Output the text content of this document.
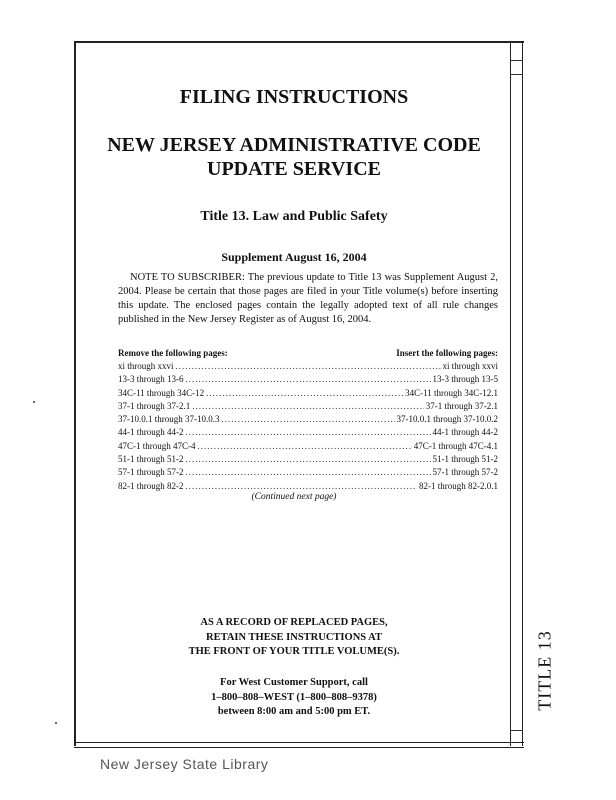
TITLE 13
FILING INSTRUCTIONS
NEW JERSEY ADMINISTRATIVE CODE
UPDATE SERVICE
Title 13. Law and Public Safety
Supplement August 16, 2004
NOTE TO SUBSCRIBER: The previous update to Title 13 was Supplement August 2, 2004. Please be certain that those pages are filed in your Title volume(s) before inserting this update. The enclosed pages contain the legally adopted text of all rule changes published in the New Jersey Register as of August 16, 2004.
Remove the following pages:	Insert the following pages:
xi through xxvi .....	xi through xxvi
13-3 through 13-6 .....	13-3 through 13-5
34C-11 through 34C-12 .....	34C-11 through 34C-12.1
37-1 through 37-2.1 .....	37-1 through 37-2.1
37-10.0.1 through 37-10.0.3 .....	37-10.0.1 through 37-10.0.2
44-1 through 44-2 .....	44-1 through 44-2
47C-1 through 47C-4 .....	47C-1 through 47C-4.1
51-1 through 51-2 .....	51-1 through 51-2
57-1 through 57-2 .....	57-1 through 57-2
82-1 through 82-2 .....	82-1 through 82-2.0.1
(Continued next page)
AS A RECORD OF REPLACED PAGES,
RETAIN THESE INSTRUCTIONS AT
THE FRONT OF YOUR TITLE VOLUME(S).
For West Customer Support, call
1–800–808–WEST (1–800–808–9378)
between 8:00 am and 5:00 pm ET.
New Jersey State Library
